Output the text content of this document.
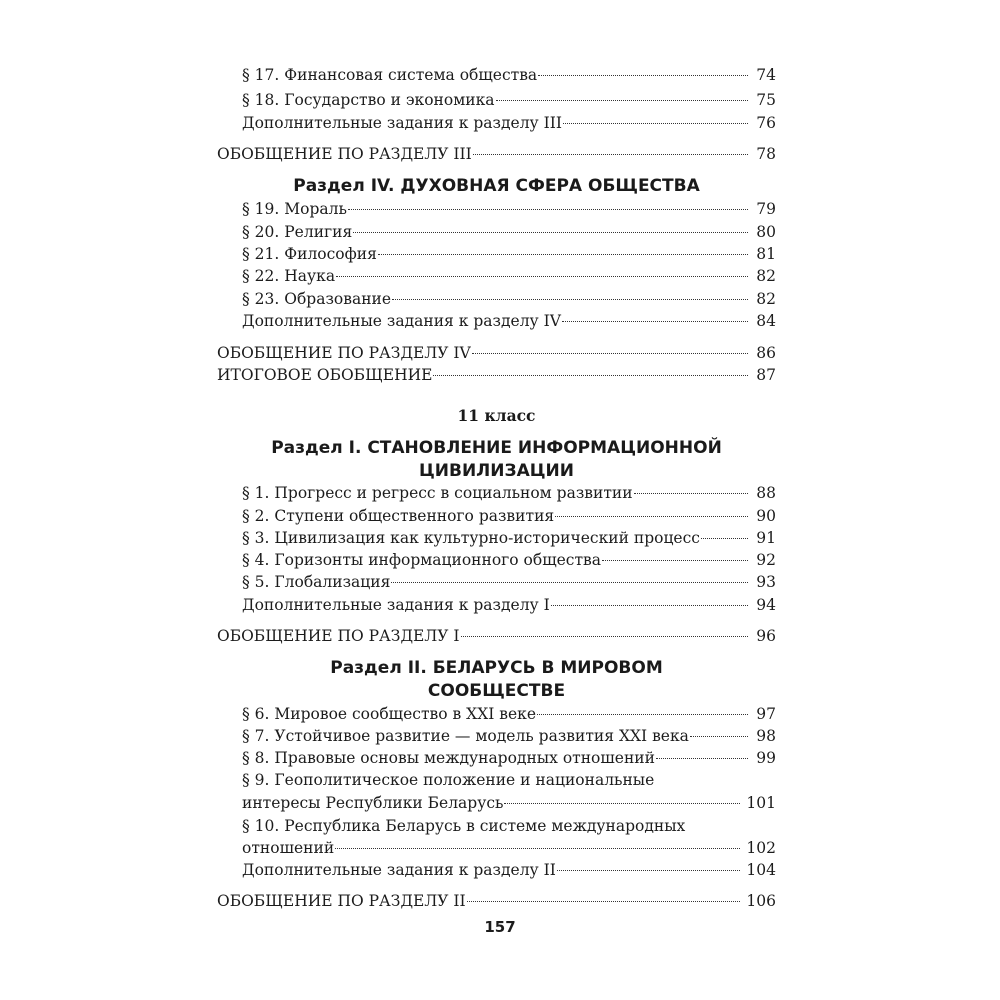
§ 17. Финансовая система общества	74
§ 18. Государство и экономика	75
Дополнительные задания к разделу III	76
ОБОБЩЕНИЕ ПО РАЗДЕЛУ III	78
Раздел IV. ДУХОВНАЯ СФЕРА ОБЩЕСТВА
§ 19. Мораль	79
§ 20. Религия	80
§ 21. Философия	81
§ 22. Наука	82
§ 23. Образование	82
Дополнительные задания к разделу IV	84
ОБОБЩЕНИЕ ПО РАЗДЕЛУ IV	86
ИТОГОВОЕ ОБОБЩЕНИЕ	87
11 класс
Раздел I. СТАНОВЛЕНИЕ ИНФОРМАЦИОННОЙ
ЦИВИЛИЗАЦИИ
§ 1. Прогресс и регресс в социальном развитии	88
§ 2. Ступени общественного развития	90
§ 3. Цивилизация как культурно-исторический процесс	91
§ 4. Горизонты информационного общества	92
§ 5. Глобализация	93
Дополнительные задания к разделу I	94
ОБОБЩЕНИЕ ПО РАЗДЕЛУ I	96
Раздел II. БЕЛАРУСЬ В МИРОВОМ
СООБЩЕСТВЕ
§ 6. Мировое сообщество в XXI веке	97
§ 7. Устойчивое развитие — модель развития XXI века	98
§ 8. Правовые основы международных отношений	99
§ 9. Геополитическое положение и национальные
интересы Республики Беларусь	101
§ 10. Республика Беларусь в системе международных
отношений	102
Дополнительные задания к разделу II	104
ОБОБЩЕНИЕ ПО РАЗДЕЛУ II	106
157
